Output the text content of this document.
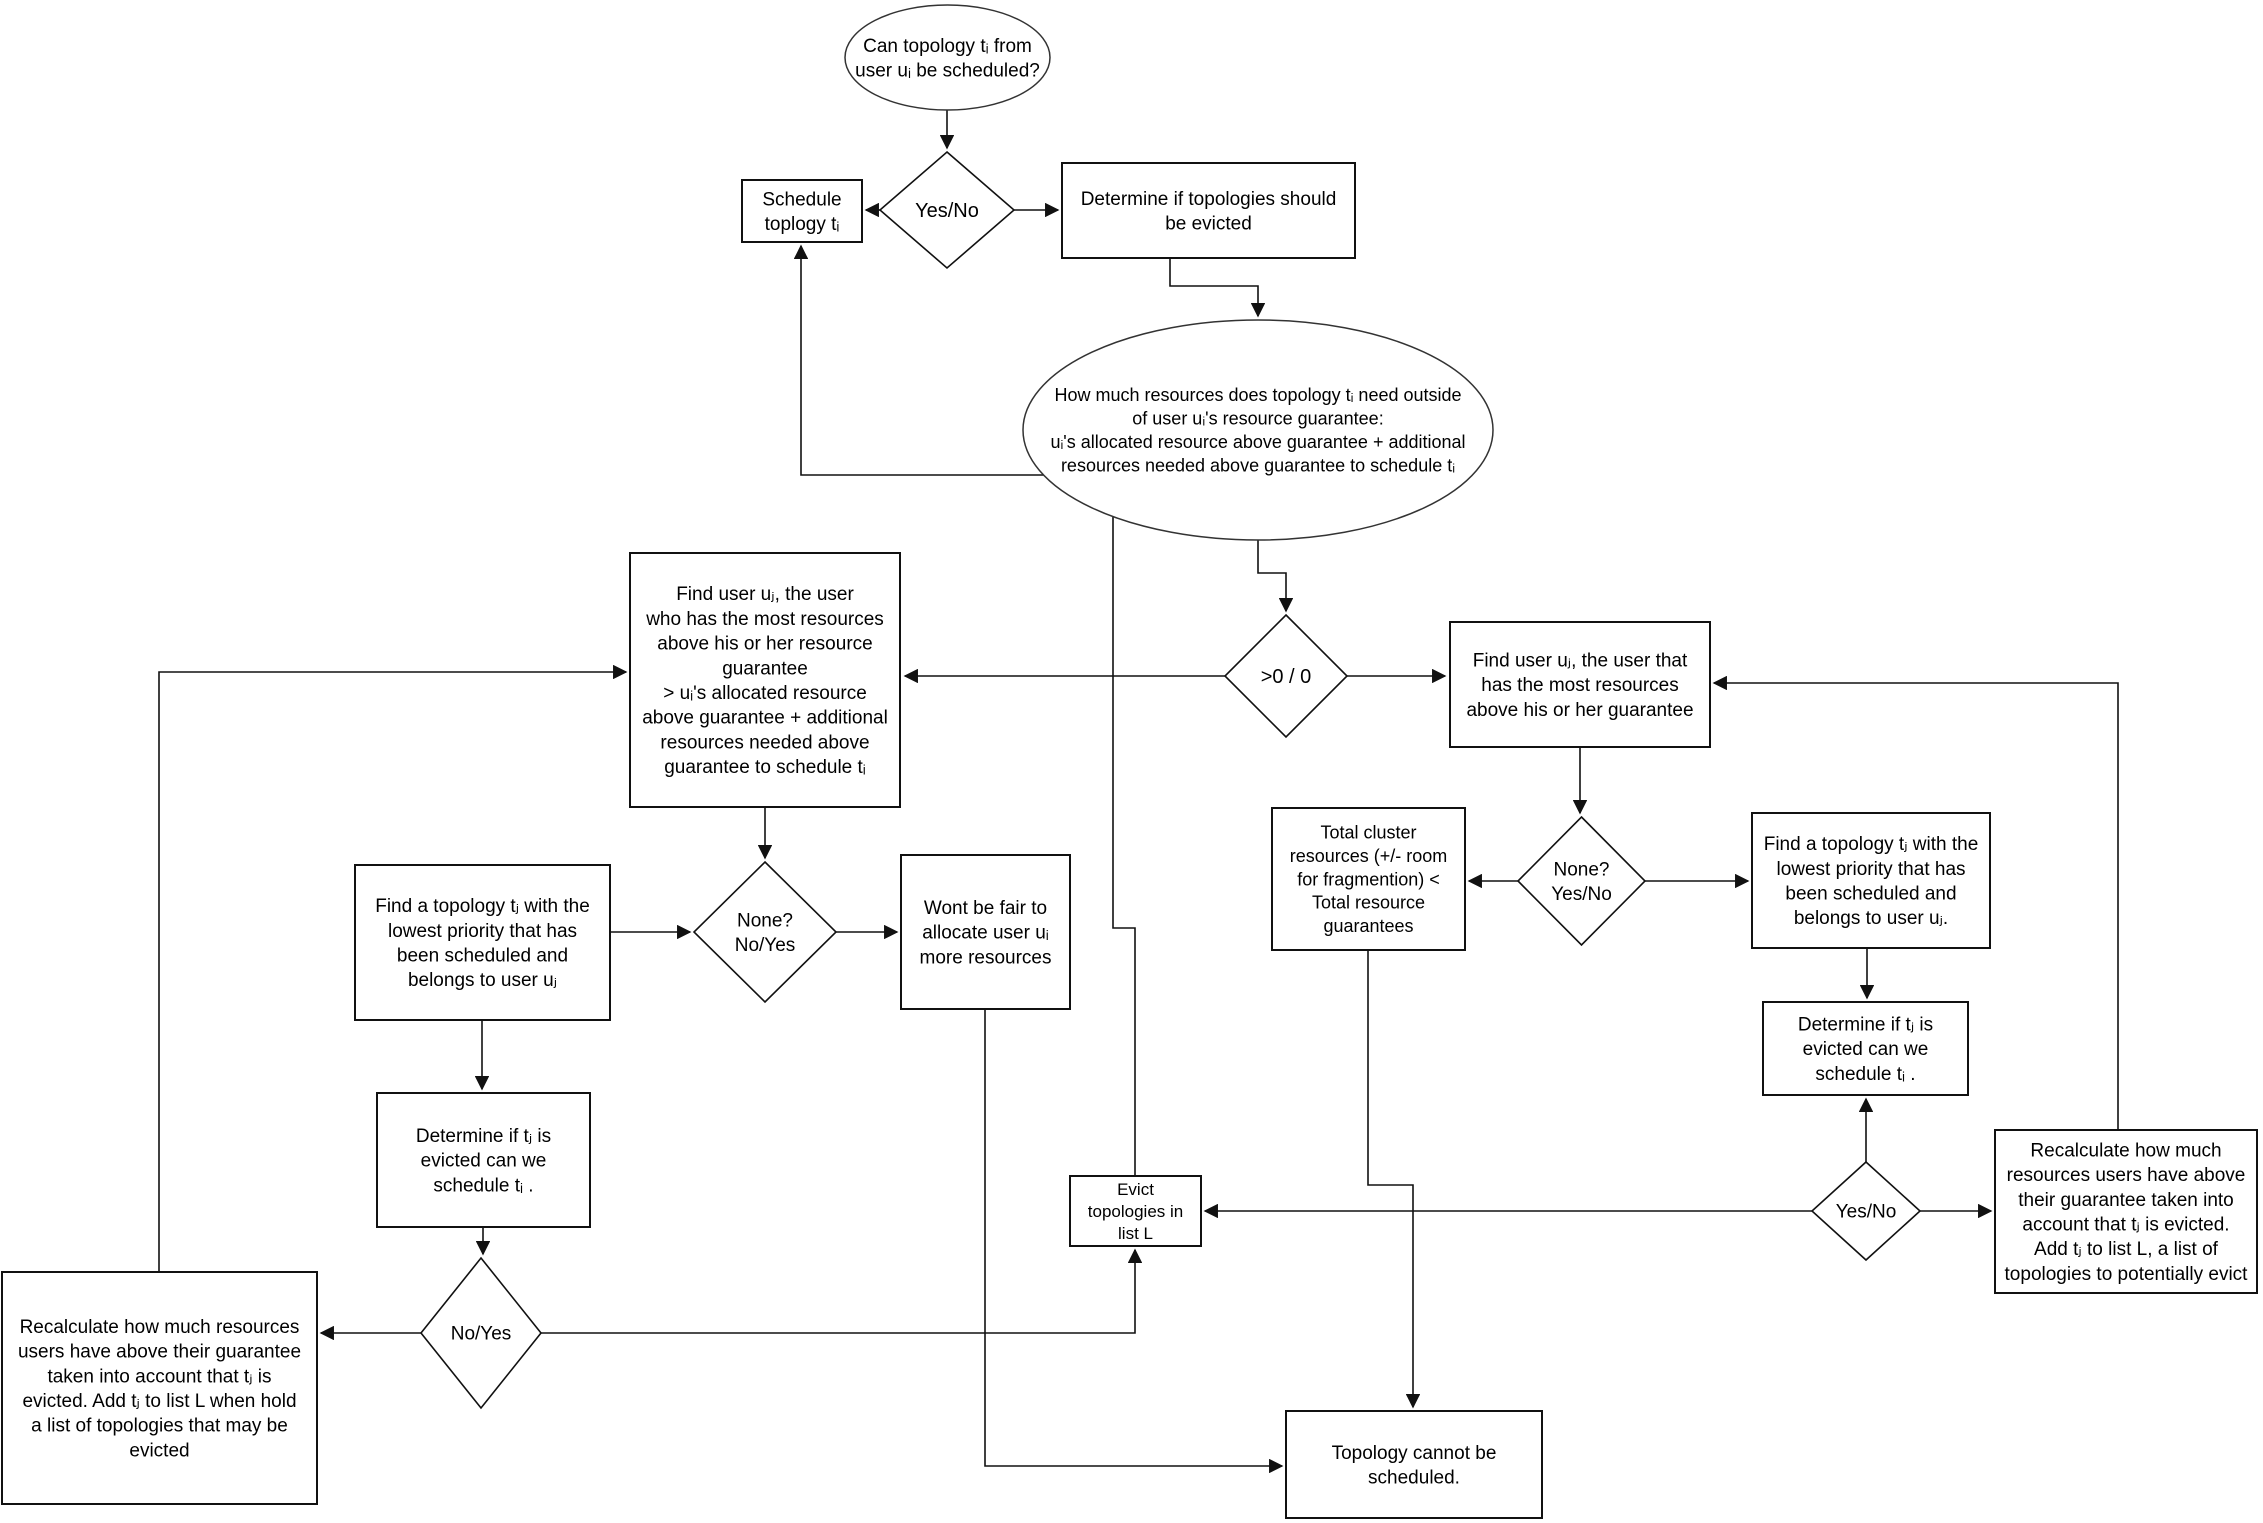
Can topology tᵢ from
user uᵢ be scheduled?
Yes/No
Schedule
toplogy tᵢ
Determine if topologies should
be evicted
How much resources does topology tᵢ need outside
of user uᵢ's resource guarantee:
uᵢ's allocated resource above guarantee + additional
resources needed above guarantee to schedule tᵢ
>0 / 0
Find user uⱼ, the user
who has the most resources
above his or her resource
guarantee
> uᵢ's allocated resource
above guarantee + additional
resources needed above
guarantee to schedule tᵢ
Find user uⱼ, the user that
has the most resources
above his or her guarantee
None?
Yes/No
Total cluster
resources (+/- room
for fragmention) <
Total resource
guarantees
Find a topology tⱼ with the
lowest priority that has
been scheduled and
belongs to user uⱼ.
Determine if tⱼ is
evicted can we
schedule tᵢ .
Yes/No
Recalculate how much
resources users have above
their guarantee taken into
account that tⱼ is evicted.
Add tⱼ to list L, a list of
topologies to potentially evict
Find a topology tⱼ with the
lowest priority that has
been scheduled and
belongs to user uⱼ
None?
No/Yes
Wont be fair to
allocate user uᵢ
more resources
Determine if tⱼ is
evicted can we
schedule tᵢ .
No/Yes
Recalculate how much resources
users have above their guarantee
taken into account that tⱼ is
evicted. Add tⱼ to list L when hold
a list of topologies that may be
evicted
Evict
topologies in
list L
Topology cannot be
scheduled.
